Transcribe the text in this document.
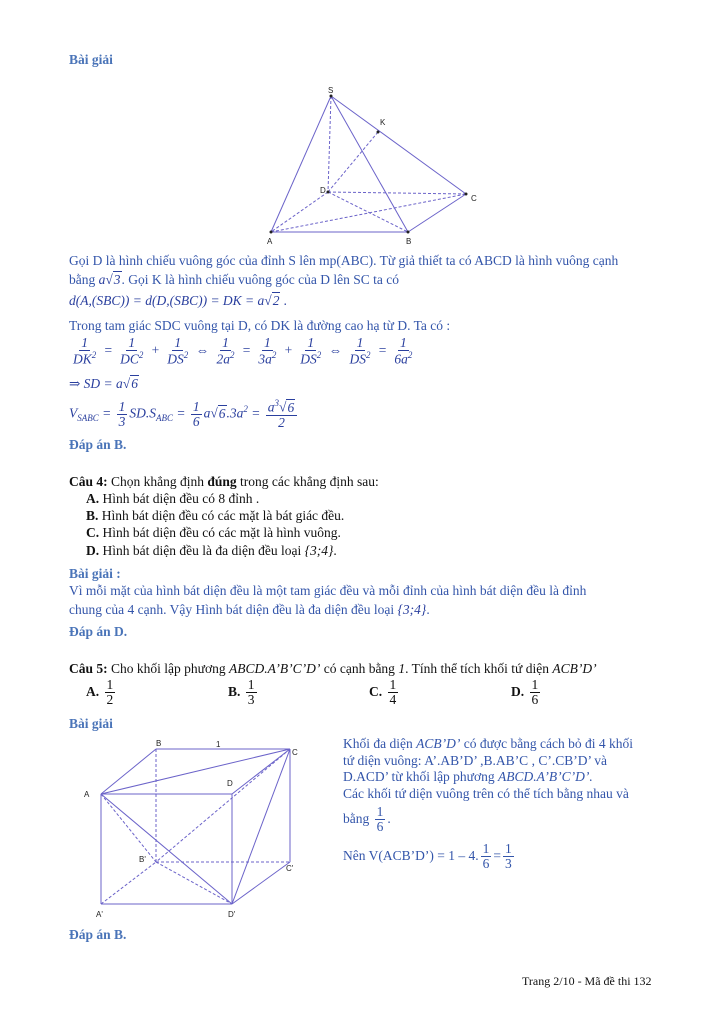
Bài giải
S
K
D
C
A	B
Gọi D là hình chiếu vuông góc của đỉnh S lên mp(ABC). Từ giả thiết ta có ABCD là hình vuông cạnh
bằng a√3. Gọi K là hình chiếu vuông góc của D lên SC ta có
d(A,(SBC)) = d(D,(SBC)) = DK = a√2 .
Trong tam giác SDC vuông tại D, có DK là đường cao hạ từ D. Ta có :
$\frac{1}{DK^2} = \frac{1}{DC^2} + \frac{1}{DS^2}$ ⇔ $\frac{1}{2a^2} = \frac{1}{3a^2} + \frac{1}{DS^2}$ ⇔ $\frac{1}{DS^2} = \frac{1}{6a^2}$
⇒ SD = a√6
$V_{SABC} = \frac{1}{3} SD.S_{ABC} = \frac{1}{6} a√6.3a^2 = \frac{a^3√6}{2}$
Đáp án B.
Câu 4: Chọn khẳng định đúng trong các khẳng định sau:
A. Hình bát diện đều có 8 đỉnh .
B. Hình bát diện đều có các mặt là bát giác đều.
C. Hình bát diện đều có các mặt là hình vuông.
D. Hình bát diện đều là đa diện đều loại {3;4}.
Bài giải :
Vì mỗi mặt của hình bát diện đều là một tam giác đều và mỗi đỉnh của hình bát diện đều là đỉnh
chung của 4 cạnh. Vậy Hình bát diện đều là đa diện đều loại {3;4}.
Đáp án D.
Câu 5: Cho khối lập phương ABCD.A’B’C’D’ có cạnh bằng 1. Tính thể tích khối tứ diện ACB’D’
A. $\frac{1}{2}$	B. $\frac{1}{3}$	C. $\frac{1}{4}$	D. $\frac{1}{6}$
Bài giải
B	1
C
A
D
B'
C'
A'	D'
Khối đa diện ACB’D’ có được bằng cách bỏ đi 4 khối
tứ diện vuông: A’.AB’D’ ,B.AB’C , C’.CB’D’ và
D.ACD’ từ khối lập phương ABCD.A’B’C’D’.
Các khối tứ diện vuông trên có thể tích bằng nhau và
bằng $\frac{1}{6}$ .
Nên V(ACB’D’) = 1 – 4. $\frac{1}{6} = \frac{1}{3}$
Đáp án B.
Trang 2/10 - Mã đề thi 132
